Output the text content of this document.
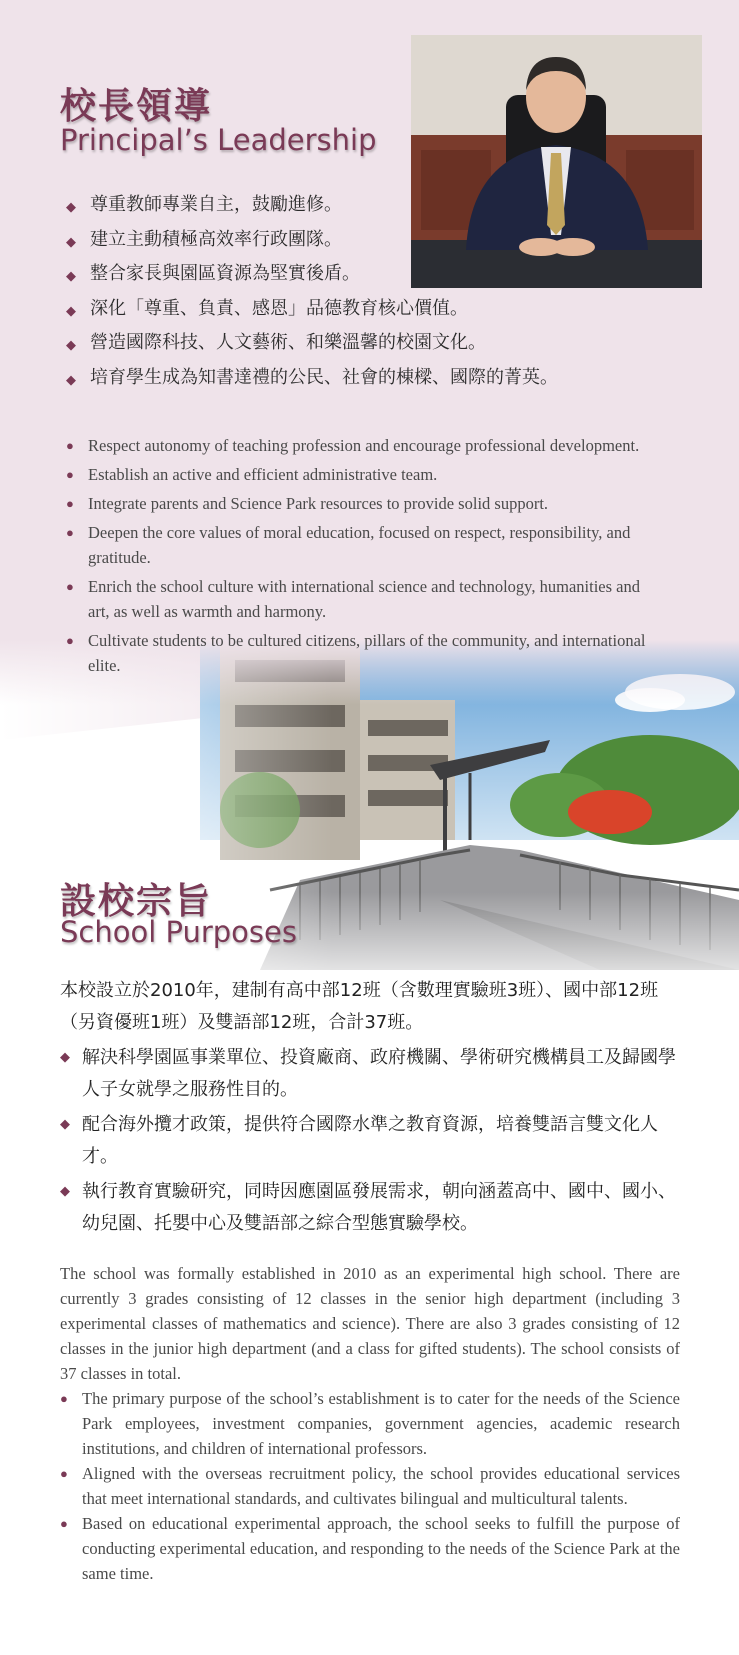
校長領導
Principal’s Leadership
◆ 尊重教師專業自主，鼓勵進修。
◆ 建立主動積極高效率行政團隊。
◆ 整合家長與園區資源為堅實後盾。
◆ 深化「尊重、負責、感恩」品德教育核心價值。
◆ 營造國際科技、人文藝術、和樂溫馨的校園文化。
◆ 培育學生成為知書達禮的公民、社會的棟樑、國際的菁英。
● Respect autonomy of teaching profession and encourage professional development.
● Establish an active and efficient administrative team.
● Integrate parents and Science Park resources to provide solid support.
● Deepen the core values of moral education, focused on respect, responsibility, and gratitude.
● Enrich the school culture with international science and technology, humanities and art, as well as warmth and harmony.
● Cultivate students to be cultured citizens, pillars of the community, and international elite.
設校宗旨
School Purposes
本校設立於2010年，建制有高中部12班（含數理實驗班3班）、國中部12班（另資優班1班）及雙語部12班，合計37班。
◆ 解決科學園區事業單位、投資廠商、政府機關、學術研究機構員工及歸國學人子女就學之服務性目的。
◆ 配合海外攬才政策，提供符合國際水準之教育資源，培養雙語言雙文化人才。
◆ 執行教育實驗研究，同時因應園區發展需求，朝向涵蓋高中、國中、國小、幼兒園、托嬰中心及雙語部之綜合型態實驗學校。
The school was formally established in 2010 as an experimental high school. There are currently 3 grades consisting of 12 classes in the senior high department (including 3 experimental classes of mathematics and science). There are also 3 grades consisting of 12 classes in the junior high department (and a class for gifted students). The school consists of 37 classes in total.
● The primary purpose of the school’s establishment is to cater for the needs of the Science Park employees, investment companies, government agencies, academic research institutions, and children of international professors.
● Aligned with the overseas recruitment policy, the school provides educational services that meet international standards, and cultivates bilingual and multicultural talents.
● Based on educational experimental approach, the school seeks to fulfill the purpose of conducting experimental education, and responding to the needs of the Science Park at the same time.
